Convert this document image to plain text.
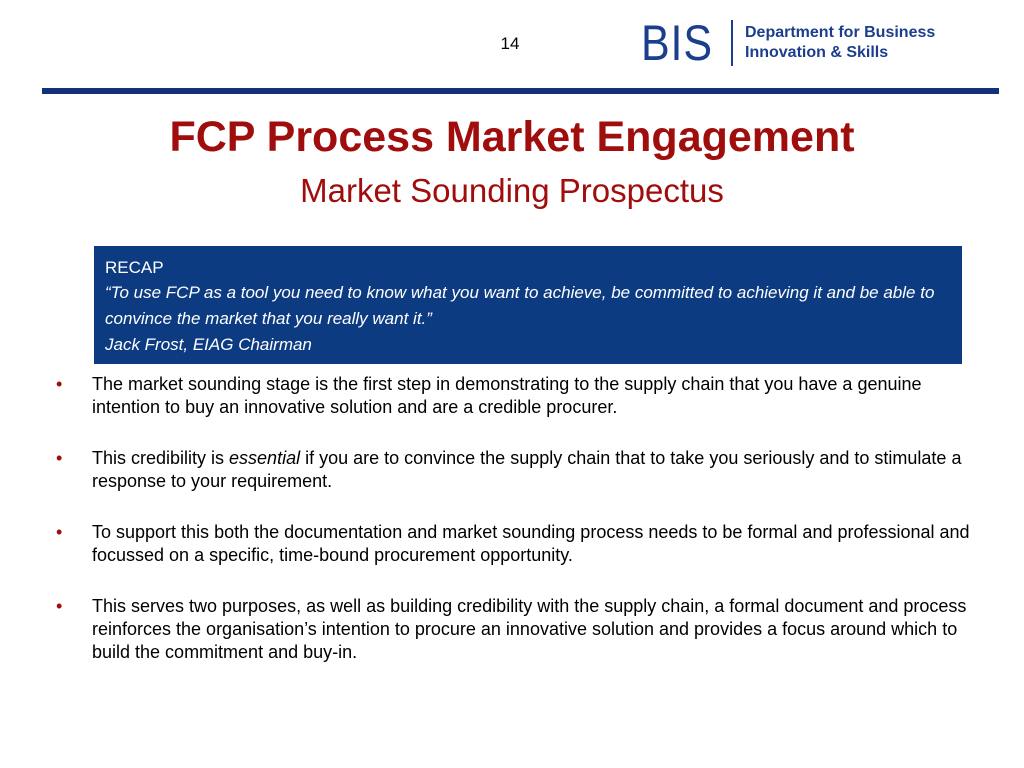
14 BIS Department for Business
Innovation & Skills
FCP Process Market Engagement
Market Sounding Prospectus
RECAP
“To use FCP as a tool you need to know what you want to achieve, be committed to achieving it and be able to convince the market that you really want it.”
Jack Frost, EIAG Chairman
•	The market sounding stage is the first step in demonstrating to the supply chain that you have a genuine intention to buy an innovative solution and are a credible procurer.
•	This credibility is essential if you are to convince the supply chain that to take you seriously and to stimulate a response to your requirement.
•	To support this both the documentation and market sounding process needs to be formal and professional and focussed on a specific, time-bound procurement opportunity.
•	This serves two purposes, as well as building credibility with the supply chain, a formal document and process reinforces the organisation’s intention to procure an innovative solution and provides a focus around which to build the commitment and buy-in.
